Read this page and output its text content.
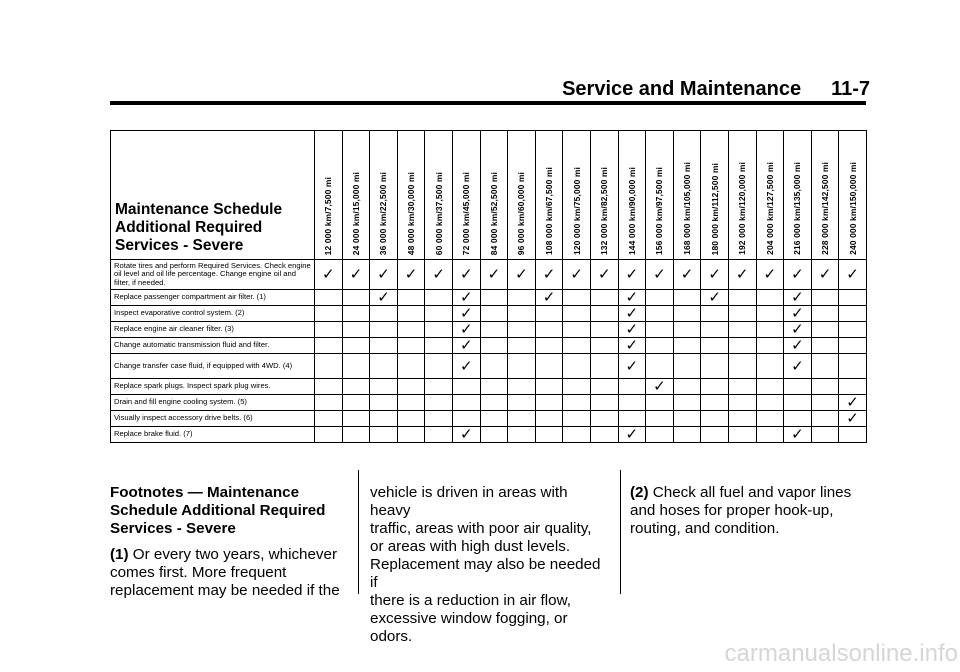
Service and Maintenance 11-7
Maintenance Schedule
Additional Required
Services - Severe	12 000 km/7,500 mi	24 000 km/15,000 mi	36 000 km/22,500 mi	48 000 km/30,000 mi	60 000 km/37,500 mi	72 000 km/45,000 mi	84 000 km/52,500 mi	96 000 km/60,000 mi	108 000 km/67,500 mi	120 000 km/75,000 mi	132 000 km/82,500 mi	144 000 km/90,000 mi	156 000 km/97,500 mi	168 000 km/105,000 mi	180 000 km/112,500 mi	192 000 km/120,000 mi	204 000 km/127,500 mi	216 000 km/135,000 mi	228 000 km/142,500 mi	240 000 km/150,000 mi

Rotate tires and perform Required Services. Check engine oil level and oil life percentage. Change engine oil and filter, if needed.	✓	✓	✓	✓	✓	✓	✓	✓	✓	✓	✓	✓	✓	✓	✓	✓	✓	✓	✓	✓
Replace passenger compartment air filter. (1)			✓			✓			✓			✓			✓			✓		
Inspect evaporative control system. (2)						✓						✓						✓		
Replace engine air cleaner filter. (3)						✓						✓						✓		
Change automatic transmission fluid and filter.						✓						✓						✓		
Change transfer case fluid, if equipped with 4WD. (4)						✓						✓						✓		
Replace spark plugs. Inspect spark plug wires.													✓							
Drain and fill engine cooling system. (5)																				✓
Visually inspect accessory drive belts. (6)																				✓
Replace brake fluid. (7)						✓						✓						✓		
Footnotes — Maintenance
Schedule Additional Required
Services - Severe

(1) Or every two years, whichever

comes first. More frequent

replacement may be needed if the

vehicle is driven in areas with heavy

traffic, areas with poor air quality,

or areas with high dust levels.

Replacement may also be needed if

there is a reduction in air flow,

excessive window fogging, or odors.

(2) Check all fuel and vapor lines

and hoses for proper hook-up,

routing, and condition.

carmanualsonline.info
